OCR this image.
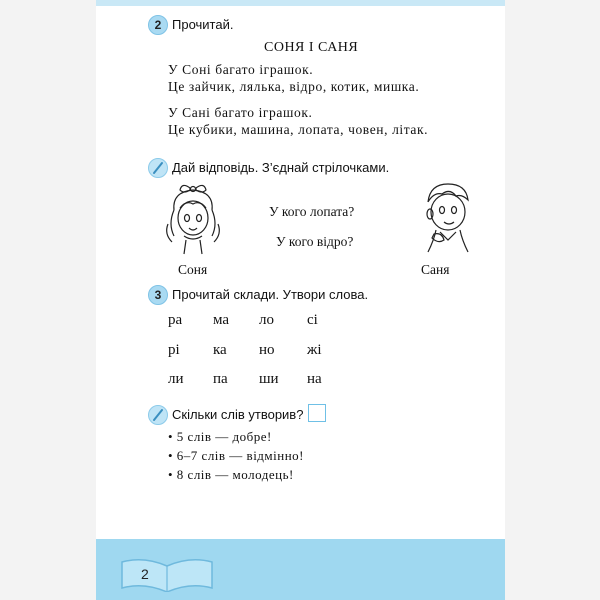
2 Прочитай.
СОНЯ І САНЯ
У Соні багато іграшок.
Це зайчик, лялька, відро, котик, мишка.
У Сані багато іграшок.
Це кубики, машина, лопата, човен, літак.
Дай відповідь. З’єднай стрілочками.
Соня
У кого лопата?
У кого відро?
Саня
3 Прочитай склади. Утвори слова.
ра ма ло сі
рі ка но жі
ли па ши на
Скільки слів утворив?
• 5 слів — добре!
• 6–7 слів — відмінно!
• 8 слів — молодець!
2
